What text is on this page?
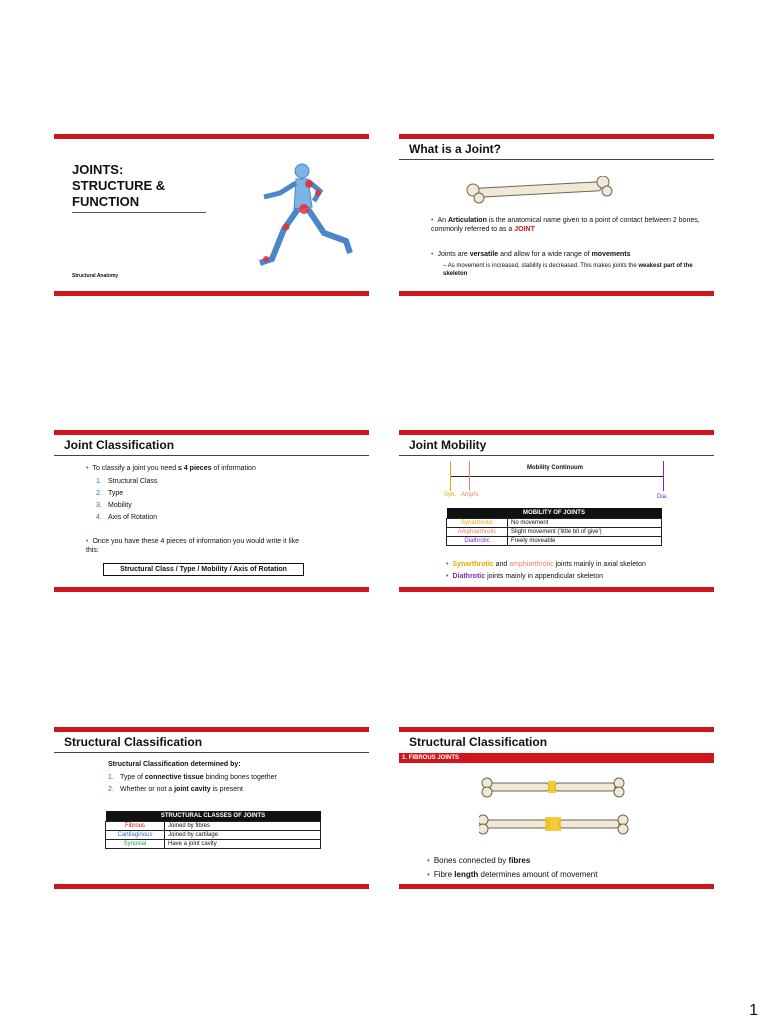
JOINTS:
STRUCTURE &
FUNCTION
Structural Anatomy
What is a Joint?
• An Articulation is the anatomical name given to a point of contact between 2 bones, commonly referred to as a JOINT
• Joints are versatile and allow for a wide range of movements
– As movement is increased, stability is decreased. This makes joints the weakest part of the skeleton
Joint Classification
• To classify a joint you need ≤ 4 pieces of information
1. Structural Class
2. Type
3. Mobility
4. Axis of Rotation
• Once you have these 4 pieces of information you would write it like this:
Structural Class / Type / Mobility / Axis of Rotation
Joint Mobility
Mobility Continuum
Syn. Amphi.	Dia.
MOBILITY OF JOINTS	
Synarthrotic	No movement
Amphiarthrotic	Slight movement ('little bit of give')
Diathrotic	Freely moveable
• Synarthrotic and amphiarthrotic joints mainly in axial skeleton
• Diathrotic joints mainly in appendicular skeleton
Structural Classification
Structural Classification determined by:
1. Type of connective tissue binding bones together
2. Whether or not a joint cavity is present
STRUCTURAL CLASSES OF JOINTS	
Fibrous	Joined by fibres
Cartilaginous	Joined by cartilage
Synovial	Have a joint cavity
Structural Classification
1. FIBROUS JOINTS
• Bones connected by fibres
• Fibre length determines amount of movement
1
